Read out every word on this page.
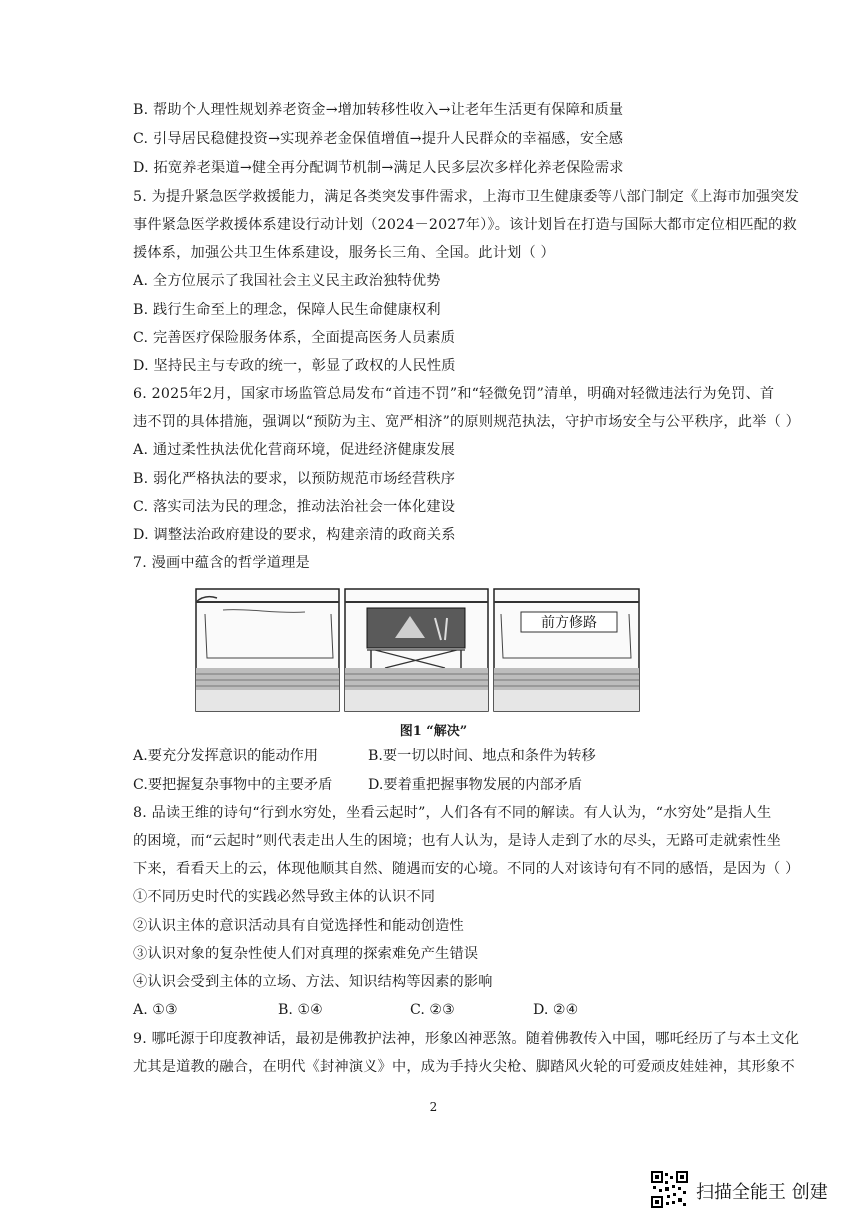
B. 帮助个人理性规划养老资金→增加转移性收入→让老年生活更有保障和质量
C. 引导居民稳健投资→实现养老金保值增值→提升人民群众的幸福感，安全感
D. 拓宽养老渠道→健全再分配调节机制→满足人民多层次多样化养老保险需求
5. 为提升紧急医学救援能力，满足各类突发事件需求，上海市卫生健康委等八部门制定《上海市加强突发
事件紧急医学救援体系建设行动计划（2024－2027年）》。该计划旨在打造与国际大都市定位相匹配的救
援体系，加强公共卫生体系建设，服务长三角、全国。此计划（ ）
A. 全方位展示了我国社会主义民主政治独特优势
B. 践行生命至上的理念，保障人民生命健康权利
C. 完善医疗保险服务体系，全面提高医务人员素质
D. 坚持民主与专政的统一，彰显了政权的人民性质
6. 2025年2月，国家市场监管总局发布“首违不罚”和“轻微免罚”清单，明确对轻微违法行为免罚、首
违不罚的具体措施，强调以“预防为主、宽严相济”的原则规范执法，守护市场安全与公平秩序，此举（ ）
A. 通过柔性执法优化营商环境，促进经济健康发展
B. 弱化严格执法的要求，以预防规范市场经营秩序
C. 落实司法为民的理念，推动法治社会一体化建设
D. 调整法治政府建设的要求，构建亲清的政商关系
7. 漫画中蕴含的哲学道理是
前方修路
图1 “解决”
A.要充分发挥意识的能动作用	B.要一切以时间、地点和条件为转移
C.要把握复杂事物中的主要矛盾	D.要着重把握事物发展的内部矛盾
8. 品读王维的诗句“行到水穷处，坐看云起时”，人们各有不同的解读。有人认为，“水穷处”是指人生
的困境，而“云起时”则代表走出人生的困境；也有人认为，是诗人走到了水的尽头，无路可走就索性坐
下来，看看天上的云，体现他顺其自然、随遇而安的心境。不同的人对该诗句有不同的感悟，是因为（ ）
①不同历史时代的实践必然导致主体的认识不同
②认识主体的意识活动具有自觉选择性和能动创造性
③认识对象的复杂性使人们对真理的探索难免产生错误
④认识会受到主体的立场、方法、知识结构等因素的影响
A. ①③	B. ①④	C. ②③	D. ②④
9. 哪吒源于印度教神话，最初是佛教护法神，形象凶神恶煞。随着佛教传入中国，哪吒经历了与本土文化
尤其是道教的融合，在明代《封神演义》中，成为手持火尖枪、脚踏风火轮的可爱顽皮娃娃神，其形象不
2
扫描全能王 创建
